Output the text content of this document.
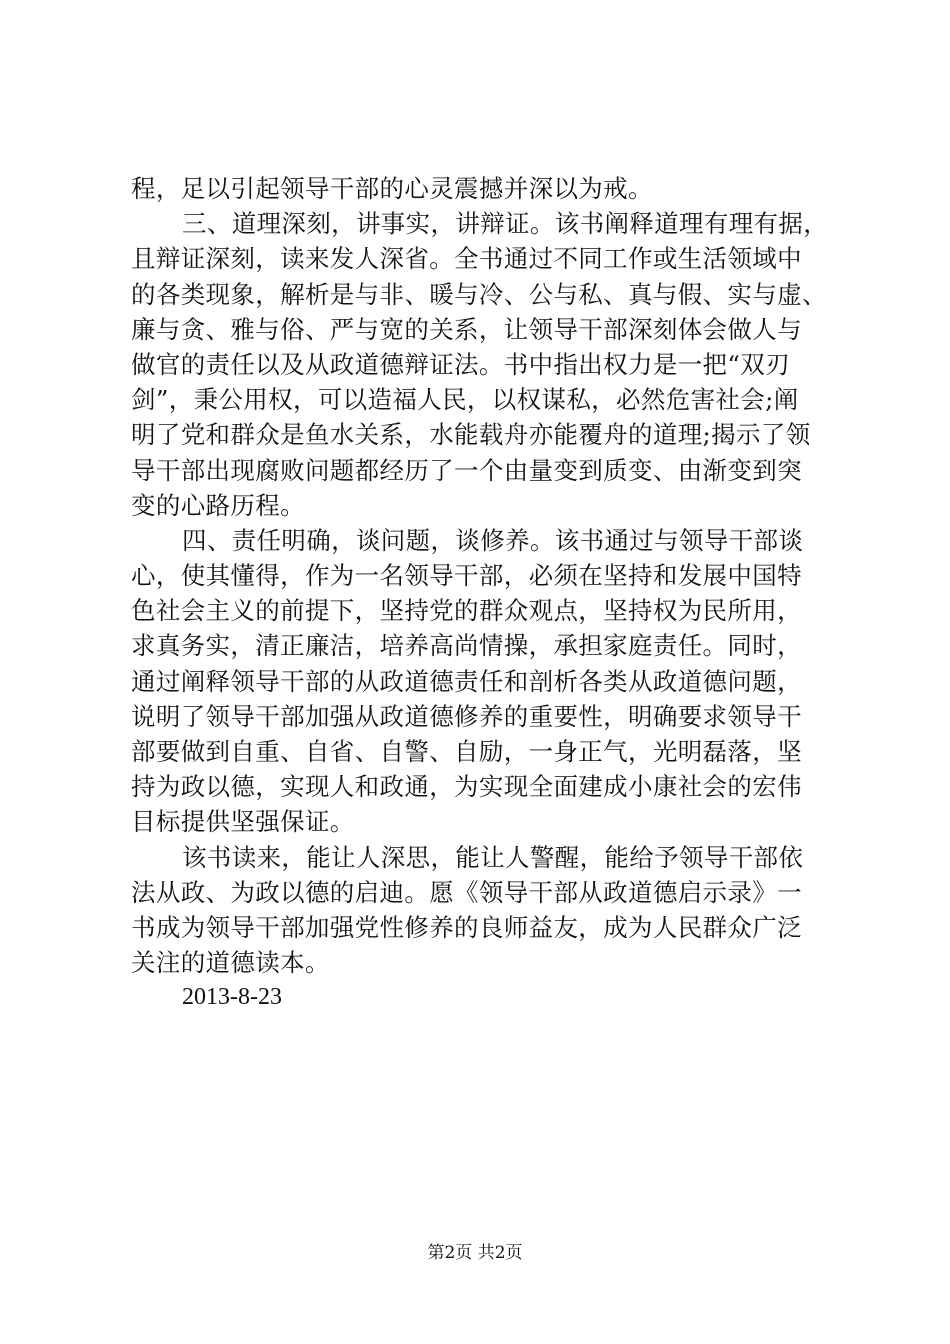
程，足以引起领导干部的心灵震撼并深以为戒。
三、道理深刻，讲事实，讲辩证。该书阐释道理有理有据，
且辩证深刻，读来发人深省。全书通过不同工作或生活领域中
的各类现象，解析是与非、暖与冷、公与私、真与假、实与虚、
廉与贪、雅与俗、严与宽的关系，让领导干部深刻体会做人与
做官的责任以及从政道德辩证法。书中指出权力是一把“双刃
剑”，秉公用权，可以造福人民，以权谋私，必然危害社会;阐
明了党和群众是鱼水关系，水能载舟亦能覆舟的道理;揭示了领
导干部出现腐败问题都经历了一个由量变到质变、由渐变到突
变的心路历程。
四、责任明确，谈问题，谈修养。该书通过与领导干部谈
心，使其懂得，作为一名领导干部，必须在坚持和发展中国特
色社会主义的前提下，坚持党的群众观点，坚持权为民所用，
求真务实，清正廉洁，培养高尚情操，承担家庭责任。同时，
通过阐释领导干部的从政道德责任和剖析各类从政道德问题，
说明了领导干部加强从政道德修养的重要性，明确要求领导干
部要做到自重、自省、自警、自励，一身正气，光明磊落，坚
持为政以德，实现人和政通，为实现全面建成小康社会的宏伟
目标提供坚强保证。
该书读来，能让人深思，能让人警醒，能给予领导干部依
法从政、为政以德的启迪。愿《领导干部从政道德启示录》一
书成为领导干部加强党性修养的良师益友，成为人民群众广泛
关注的道德读本。
2013-8-23
第2页 共2页
